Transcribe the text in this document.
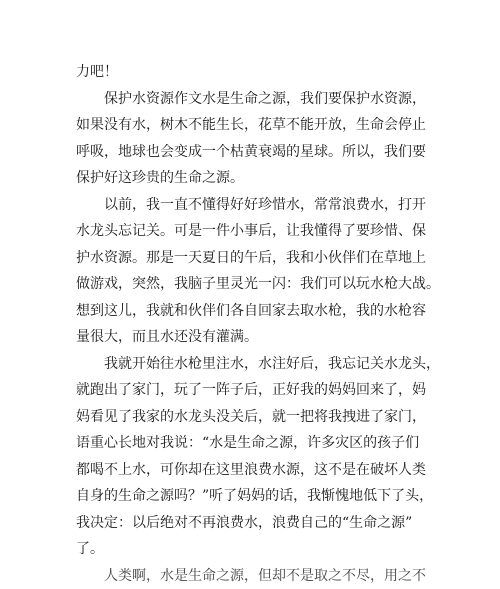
力吧！
保护水资源作文水是生命之源，我们要保护水资源，
如果没有水，树木不能生长，花草不能开放，生命会停止
呼吸，地球也会变成一个枯黄衰竭的星球。所以，我们要
保护好这珍贵的生命之源。
以前，我一直不懂得好好珍惜水，常常浪费水，打开
水龙头忘记关。可是一件小事后，让我懂得了要珍惜、保
护水资源。那是一天夏日的午后，我和小伙伴们在草地上
做游戏，突然，我脑子里灵光一闪：我们可以玩水枪大战。
想到这儿，我就和伙伴们各自回家去取水枪，我的水枪容
量很大，而且水还没有灌满。
我就开始往水枪里注水，水注好后，我忘记关水龙头，
就跑出了家门，玩了一阵子后，正好我的妈妈回来了，妈
妈看见了我家的水龙头没关后，就一把将我拽进了家门，
语重心长地对我说：“水是生命之源，许多灾区的孩子们
都喝不上水，可你却在这里浪费水源，这不是在破坏人类
自身的生命之源吗？”听了妈妈的话，我惭愧地低下了头，
我决定：以后绝对不再浪费水，浪费自己的“生命之源”
了。
人类啊，水是生命之源，但却不是取之不尽，用之不
